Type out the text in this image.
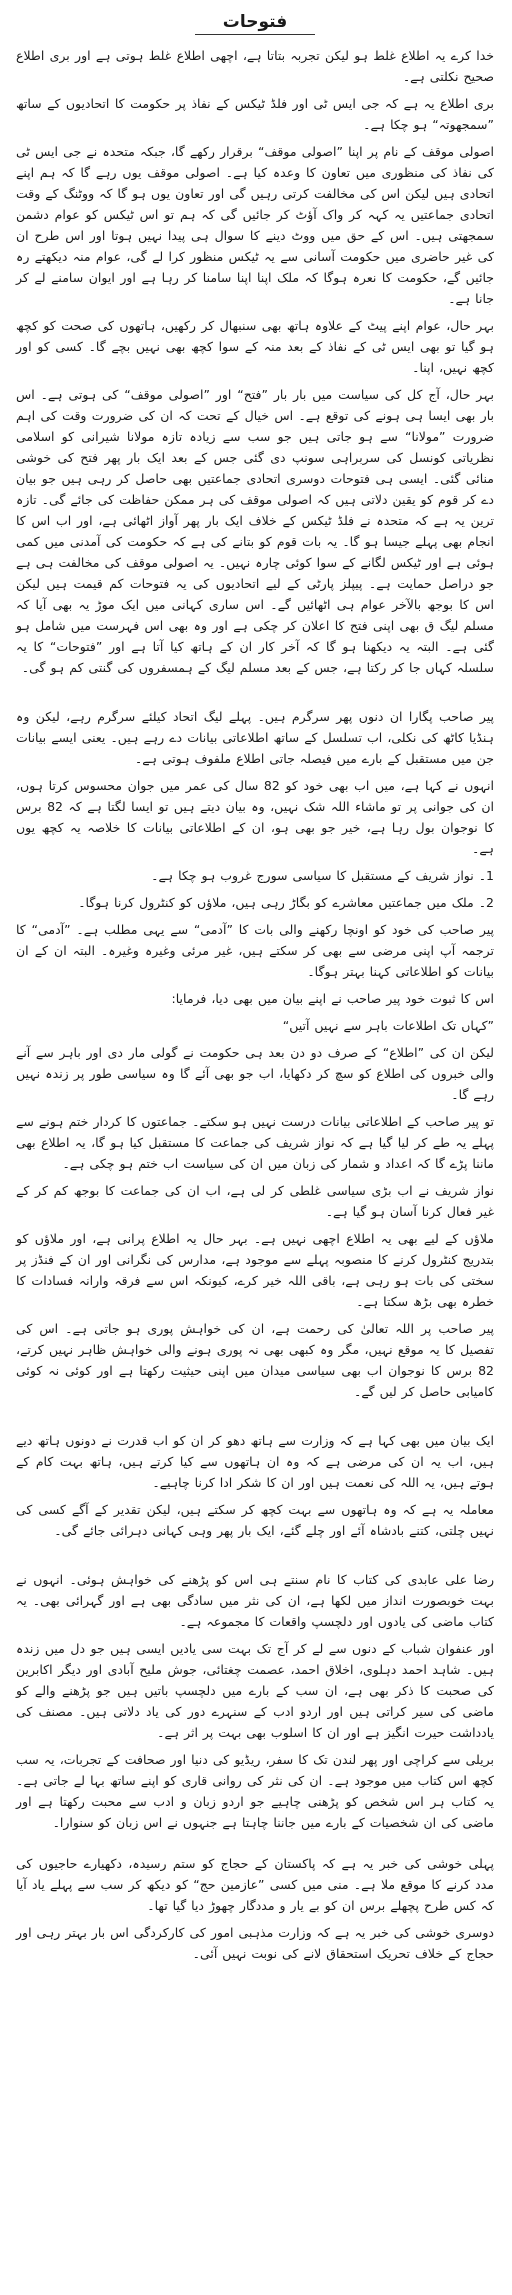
فتوحات

خدا کرے یہ اطلاع غلط ہو لیکن تجربہ بتاتا ہے، اچھی اطلاع غلط ہوتی ہے اور بری اطلاع صحیح نکلتی ہے۔

بری اطلاع یہ ہے کہ جی ایس ٹی اور فلڈ ٹیکس کے نفاذ پر حکومت کا اتحادیوں کے ساتھ ”سمجھوتہ“ ہو چکا ہے۔

اصولی موقف کے نام پر اپنا ”اصولی موقف“ برقرار رکھے گا، جبکہ متحدہ نے جی ایس ٹی کی نفاذ کی منظوری میں تعاون کا وعدہ کیا ہے۔ اصولی موقف یوں رہے گا کہ ہم اپنے اتحادی ہیں لیکن اس کی مخالفت کرتی رہیں گی اور تعاون یوں ہو گا کہ ووٹنگ کے وقت اتحادی جماعتیں یہ کہہ کر واک آؤٹ کر جائیں گی کہ ہم تو اس ٹیکس کو عوام دشمن سمجھتی ہیں۔ اس کے حق میں ووٹ دینے کا سوال ہی پیدا نہیں ہوتا اور اس طرح ان کی غیر حاضری میں حکومت آسانی سے یہ ٹیکس منظور کرا لے گی، عوام منہ دیکھتے رہ جائیں گے، حکومت کا نعرہ ہوگا کہ ملک اپنا اپنا سامنا کر رہا ہے اور ایوان سامنے لے کر جانا ہے۔

بہر حال، عوام اپنے پیٹ کے علاوہ ہاتھ بھی سنبھال کر رکھیں، ہاتھوں کی صحت کو کچھ ہو گیا تو بھی ایس ٹی کے نفاذ کے بعد منہ کے سوا کچھ بھی نہیں بچے گا۔ کسی کو اور کچھ نہیں، اپنا۔

بہر حال، آج کل کی سیاست میں بار بار ”فتح“ اور ”اصولی موقف“ کی ہوتی ہے۔ اس بار بھی ایسا ہی ہونے کی توقع ہے۔ اس خیال کے تحت کہ ان کی ضرورت وقت کی اہم ضرورت ”مولانا“ سے ہو جاتی ہیں جو سب سے زیادہ تازہ مولانا شیرانی کو اسلامی نظریاتی کونسل کی سربراہی سونپ دی گئی جس کے بعد ایک بار پھر فتح کی خوشی منائی گئی۔ ایسی ہی فتوحات دوسری اتحادی جماعتیں بھی حاصل کر رہی ہیں جو بیان دے کر قوم کو یقین دلاتی ہیں کہ اصولی موقف کی ہر ممکن حفاظت کی جائے گی۔ تازہ ترین یہ ہے کہ متحدہ نے فلڈ ٹیکس کے خلاف ایک بار پھر آواز اٹھائی ہے، اور اب اس کا انجام بھی پہلے جیسا ہو گا۔ یہ بات قوم کو بتانے کی ہے کہ حکومت کی آمدنی میں کمی ہوئی ہے اور ٹیکس لگانے کے سوا کوئی چارہ نہیں۔ یہ اصولی موقف کی مخالفت ہی ہے جو دراصل حمایت ہے۔ پیپلز پارٹی کے لیے اتحادیوں کی یہ فتوحات کم قیمت ہیں لیکن اس کا بوجھ بالآخر عوام ہی اٹھائیں گے۔ اس ساری کہانی میں ایک موڑ یہ بھی آیا کہ مسلم لیگ ق بھی اپنی فتح کا اعلان کر چکی ہے اور وہ بھی اس فہرست میں شامل ہو گئی ہے۔ البتہ یہ دیکھنا ہو گا کہ آخر کار ان کے ہاتھ کیا آتا ہے اور ”فتوحات“ کا یہ سلسلہ کہاں جا کر رکتا ہے، جس کے بعد مسلم لیگ کے ہمسفروں کی گنتی کم ہو گی۔

پیر صاحب پگارا ان دنوں پھر سرگرم ہیں۔ پہلے لیگ اتحاد کیلئے سرگرم رہے، لیکن وہ ہنڈیا کاٹھ کی نکلی، اب تسلسل کے ساتھ اطلاعاتی بیانات دے رہے ہیں۔ یعنی ایسے بیانات جن میں مستقبل کے بارے میں فیصلہ جاتی اطلاع ملفوف ہوتی ہے۔

انہوں نے کہا ہے، میں اب بھی خود کو 82 سال کی عمر میں جوان محسوس کرتا ہوں، ان کی جوانی پر تو ماشاء اللہ شک نہیں، وہ بیان دیتے ہیں تو ایسا لگتا ہے کہ 82 برس کا نوجوان بول رہا ہے، خیر جو بھی ہو، ان کے اطلاعاتی بیانات کا خلاصہ یہ کچھ یوں ہے۔

1۔ نواز شریف کے مستقبل کا سیاسی سورج غروب ہو چکا ہے۔

2۔ ملک میں جماعتیں معاشرے کو بگاڑ رہی ہیں، ملاؤں کو کنٹرول کرنا ہوگا۔

پیر صاحب کی خود کو اونچا رکھنے والی بات کا ”آدمی“ سے یہی مطلب ہے۔ ”آدمی“ کا ترجمہ آپ اپنی مرضی سے بھی کر سکتے ہیں، غیر مرئی وغیرہ وغیرہ۔ البتہ ان کے ان بیانات کو اطلاعاتی کہنا بہتر ہوگا۔

اس کا ثبوت خود پیر صاحب نے اپنے بیان میں بھی دیا، فرمایا:

”کہاں تک اطلاعات باہر سے نہیں آتیں“

لیکن ان کی ”اطلاع“ کے صرف دو دن بعد ہی حکومت نے گولی مار دی اور باہر سے آنے والی خبروں کی اطلاع کو سچ کر دکھایا، اب جو بھی آئے گا وہ سیاسی طور پر زندہ نہیں رہے گا۔

تو پیر صاحب کے اطلاعاتی بیانات درست نہیں ہو سکتے۔ جماعتوں کا کردار ختم ہونے سے پہلے یہ طے کر لیا گیا ہے کہ نواز شریف کی جماعت کا مستقبل کیا ہو گا، یہ اطلاع بھی ماننا پڑے گا کہ اعداد و شمار کی زبان میں ان کی سیاست اب ختم ہو چکی ہے۔

نواز شریف نے اب بڑی سیاسی غلطی کر لی ہے، اب ان کی جماعت کا بوجھ کم کر کے غیر فعال کرنا آسان ہو گیا ہے۔

ملاؤں کے لیے بھی یہ اطلاع اچھی نہیں ہے۔ بہر حال یہ اطلاع پرانی ہے، اور ملاؤں کو بتدریج کنٹرول کرنے کا منصوبہ پہلے سے موجود ہے، مدارس کی نگرانی اور ان کے فنڈز پر سختی کی بات ہو رہی ہے، باقی اللہ خیر کرے، کیونکہ اس سے فرقہ وارانہ فسادات کا خطرہ بھی بڑھ سکتا ہے۔

پیر صاحب پر اللہ تعالیٰ کی رحمت ہے، ان کی خواہش پوری ہو جاتی ہے۔ اس کی تفصیل کا یہ موقع نہیں، مگر وہ کبھی بھی نہ پوری ہونے والی خواہش ظاہر نہیں کرتے، 82 برس کا نوجوان اب بھی سیاسی میدان میں اپنی حیثیت رکھتا ہے اور کوئی نہ کوئی کامیابی حاصل کر لیں گے۔

ایک بیان میں بھی کہا ہے کہ وزارت سے ہاتھ دھو کر ان کو اب قدرت نے دونوں ہاتھ دیے ہیں، اب یہ ان کی مرضی ہے کہ وہ ان ہاتھوں سے کیا کرتے ہیں، ہاتھ بہت کام کے ہوتے ہیں، یہ اللہ کی نعمت ہیں اور ان کا شکر ادا کرنا چاہیے۔

معاملہ یہ ہے کہ وہ ہاتھوں سے بہت کچھ کر سکتے ہیں، لیکن تقدیر کے آگے کسی کی نہیں چلتی، کتنے بادشاہ آئے اور چلے گئے، ایک بار پھر وہی کہانی دہرائی جائے گی۔

رضا علی عابدی کی کتاب کا نام سنتے ہی اس کو پڑھنے کی خواہش ہوئی۔ انہوں نے بہت خوبصورت انداز میں لکھا ہے، ان کی نثر میں سادگی بھی ہے اور گہرائی بھی۔ یہ کتاب ماضی کی یادوں اور دلچسپ واقعات کا مجموعہ ہے۔

اور عنفوان شباب کے دنوں سے لے کر آج تک بہت سی یادیں ایسی ہیں جو دل میں زندہ ہیں۔ شاہد احمد دہلوی، اخلاق احمد، عصمت چغتائی، جوش ملیح آبادی اور دیگر اکابرین کی صحبت کا ذکر بھی ہے، ان سب کے بارے میں دلچسپ باتیں ہیں جو پڑھنے والے کو ماضی کی سیر کراتی ہیں اور اردو ادب کے سنہرے دور کی یاد دلاتی ہیں۔ مصنف کی یادداشت حیرت انگیز ہے اور ان کا اسلوب بھی بہت پر اثر ہے۔

بریلی سے کراچی اور پھر لندن تک کا سفر، ریڈیو کی دنیا اور صحافت کے تجربات، یہ سب کچھ اس کتاب میں موجود ہے۔ ان کی نثر کی روانی قاری کو اپنے ساتھ بہا لے جاتی ہے۔ یہ کتاب ہر اس شخص کو پڑھنی چاہیے جو اردو زبان و ادب سے محبت رکھتا ہے اور ماضی کی ان شخصیات کے بارے میں جاننا چاہتا ہے جنہوں نے اس زبان کو سنوارا۔

پہلی خوشی کی خبر یہ ہے کہ پاکستان کے حجاج کو ستم رسیدہ، دکھیارے حاجیوں کی مدد کرنے کا موقع ملا ہے۔ منی میں کسی ”عازمین حج“ کو دیکھ کر سب سے پہلے یاد آیا کہ کس طرح پچھلے برس ان کو بے یار و مددگار چھوڑ دیا گیا تھا۔

دوسری خوشی کی خبر یہ ہے کہ وزارت مذہبی امور کی کارکردگی اس بار بہتر رہی اور حجاج کے خلاف تحریک استحقاق لانے کی نوبت نہیں آئی۔
